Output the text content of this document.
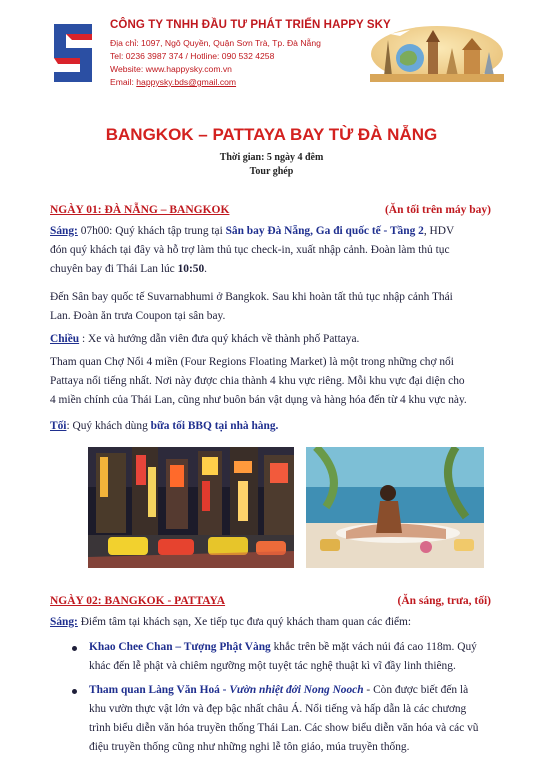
CÔNG TY TNHH ĐẦU TƯ PHÁT TRIỂN HAPPY SKY
Địa chỉ: 1097, Ngô Quyền, Quận Sơn Trà, Tp. Đà Nẵng
Tel: 0236 3987 374 / Hotline: 090 532 4258
Website: www.happysky.com.vn
Email: happysky.bds@gmail.com
BANGKOK – PATTAYA BAY TỪ ĐÀ NẴNG
Thời gian: 5 ngày 4 đêm
Tour ghép
NGÀY 01: ĐÀ NẴNG – BANGKOK	(Ăn tối trên máy bay)
Sáng: 07h00: Quý khách tập trung tại Sân bay Đà Nẵng, Ga đi quốc tế - Tầng 2, HDV
đón quý khách tại đây và hỗ trợ làm thủ tục check-in, xuất nhập cảnh. Đoàn làm thủ tục
chuyên bay đi Thái Lan lúc 10:50.
Đến Sân bay quốc tế Suvarnabhumi ở Bangkok. Sau khi hoàn tất thủ tục nhập cảnh Thái
Lan. Đoàn ăn trưa Coupon tại sân bay.
Chiều : Xe và hướng dẫn viên đưa quý khách về thành phố Pattaya.
Tham quan Chợ Nổi 4 miền (Four Regions Floating Market) là một trong những chợ nổi
Pattaya nổi tiếng nhất. Nơi này được chia thành 4 khu vực riêng. Mỗi khu vực đại diện cho
4 miền chính của Thái Lan, cũng như buôn bán vật dụng và hàng hóa đến từ 4 khu vực này.
Tối: Quý khách dùng bữa tối BBQ tại nhà hàng.
NGÀY 02: BANGKOK - PATTAYA	(Ăn sáng, trưa, tối)
Sáng: Điểm tâm tại khách sạn, Xe tiếp tục đưa quý khách tham quan các điểm:
Khao Chee Chan – Tượng Phật Vàng khắc trên bề mặt vách núi đá cao 118m. Quý
khác đến lễ phật và chiêm ngưỡng một tuyệt tác nghệ thuật kì vĩ đầy linh thiêng.
Tham quan Làng Văn Hoá - Vườn nhiệt đới Nong Nooch - Còn được biết đến là
khu vườn thực vật lớn và đẹp bậc nhất châu Á. Nổi tiếng và hấp dẫn là các chương
trình biểu diễn văn hóa truyền thống Thái Lan. Các show biểu diễn văn hóa và các vũ
điệu truyền thống cũng như những nghi lễ tôn giáo, múa truyền thống.
